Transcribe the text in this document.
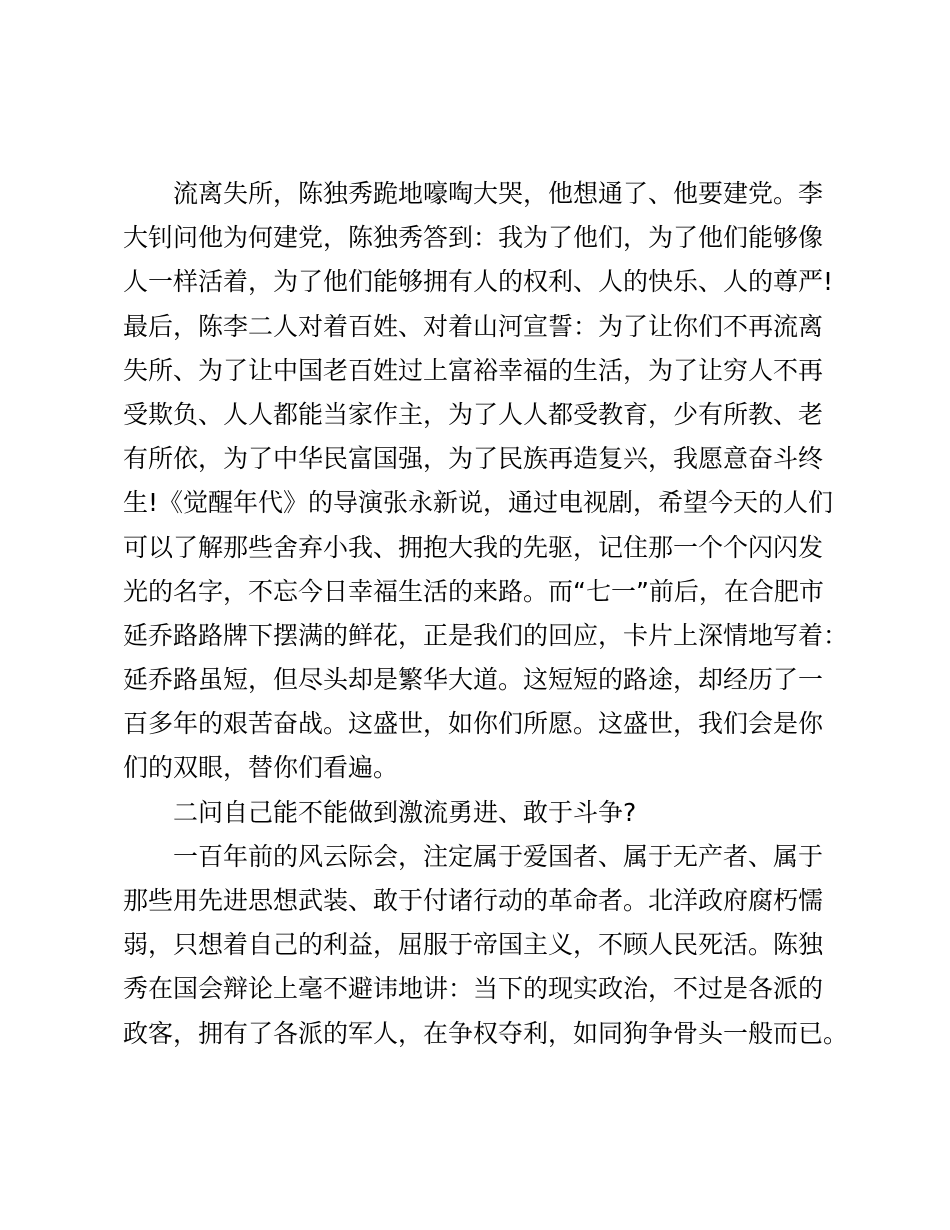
流离失所，陈独秀跪地嚎啕大哭，他想通了、他要建党。李
大钊问他为何建党，陈独秀答到：我为了他们，为了他们能够像
人一样活着，为了他们能够拥有人的权利、人的快乐、人的尊严!
最后，陈李二人对着百姓、对着山河宣誓：为了让你们不再流离
失所、为了让中国老百姓过上富裕幸福的生活，为了让穷人不再
受欺负、人人都能当家作主，为了人人都受教育，少有所教、老
有所依，为了中华民富国强，为了民族再造复兴，我愿意奋斗终
生!《觉醒年代》的导演张永新说，通过电视剧，希望今天的人们
可以了解那些舍弃小我、拥抱大我的先驱，记住那一个个闪闪发
光的名字，不忘今日幸福生活的来路。而“七一”前后，在合肥市
延乔路路牌下摆满的鲜花，正是我们的回应，卡片上深情地写着：
延乔路虽短，但尽头却是繁华大道。这短短的路途，却经历了一
百多年的艰苦奋战。这盛世，如你们所愿。这盛世，我们会是你
们的双眼，替你们看遍。
二问自己能不能做到激流勇进、敢于斗争?
一百年前的风云际会，注定属于爱国者、属于无产者、属于
那些用先进思想武装、敢于付诸行动的革命者。北洋政府腐朽懦
弱，只想着自己的利益，屈服于帝国主义，不顾人民死活。陈独
秀在国会辩论上毫不避讳地讲：当下的现实政治，不过是各派的
政客，拥有了各派的军人，在争权夺利，如同狗争骨头一般而已。
